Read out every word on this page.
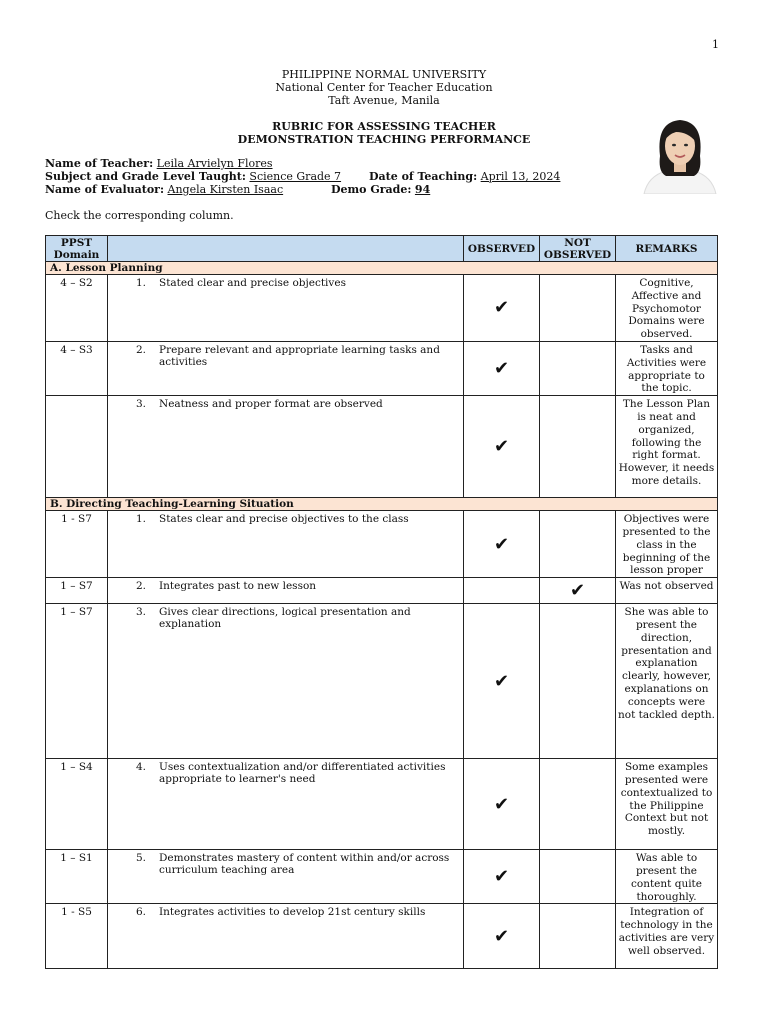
1
PHILIPPINE NORMAL UNIVERSITY
National Center for Teacher Education
Taft Avenue, Manila
RUBRIC FOR ASSESSING TEACHER
DEMONSTRATION TEACHING PERFORMANCE
Name of Teacher: Leila Arvielyn Flores
Subject and Grade Level Taught: Science Grade 7	Date of Teaching: April 13, 2024
Name of Evaluator: Angela Kirsten Isaac	Demo Grade: 94
Check the corresponding column.
PPST Domain		OBSERVED	NOT OBSERVED	REMARKS
A. Lesson Planning				
4 – S2	1. Stated clear and precise objectives	✔		Cognitive, Affective and Psychomotor Domains were observed.
4 – S3	2. Prepare relevant and appropriate learning tasks and activities	✔		Tasks and Activities were appropriate to the topic.

	3. Neatness and proper format are observed	✔		The Lesson Plan is neat and organized, following the right format. However, it needs more details.
B. Directing Teaching-Learning Situation				
1 - S7	1. States clear and precise objectives to the class	✔		Objectives were presented to the class in the beginning of the lesson proper
1 – S7	2. Integrates past to new lesson		✔	Was not observed
1 – S7	3. Gives clear directions, logical presentation and explanation	✔		She was able to present the direction, presentation and explanation clearly, however, explanations on concepts were not tackled depth.
1 – S4	4. Uses contextualization and/or differentiated activities appropriate to learner's need	✔		Some examples presented were contextualized to the Philippine Context but not mostly.
1 – S1	5. Demonstrates mastery of content within and/or across curriculum teaching area	✔		Was able to present the content quite thoroughly.
1 - S5	6. Integrates activities to develop 21st century skills	✔		Integration of technology in the activities are very well observed.
